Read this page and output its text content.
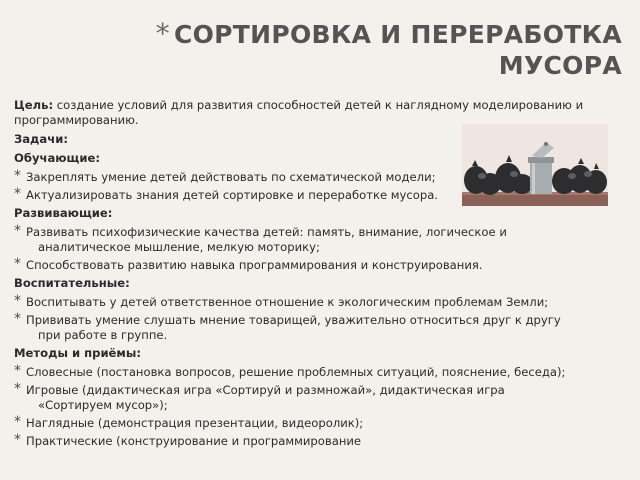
* СОРТИРОВКА И ПЕРЕРАБОТКА
МУСОРА
Цель: создание условий для развития способностей детей к наглядному моделированию и программированию.
Задачи:
Обучающие:
* Закреплять умение детей действовать по схематической модели;
* Актуализировать знания детей сортировке и переработке мусора.
Развивающие:
* Развивать психофизические качества детей: память, внимание, логическое и
аналитическое мышление, мелкую моторику;
* Способствовать развитию навыка программирования и конструирования.
Воспитательные:
* Воспитывать у детей ответственное отношение к экологическим проблемам Земли;
* Прививать умение слушать мнение товарищей, уважительно относиться друг к другу
при работе в группе.
Методы и приёмы:
* Словесные (постановка вопросов, решение проблемных ситуаций, пояснение, беседа);
* Игровые (дидактическая игра «Сортируй и размножай», дидактическая игра
«Сортируем мусор»);
* Наглядные (демонстрация презентации, видеоролик);
* Практические (конструирование и программирование
